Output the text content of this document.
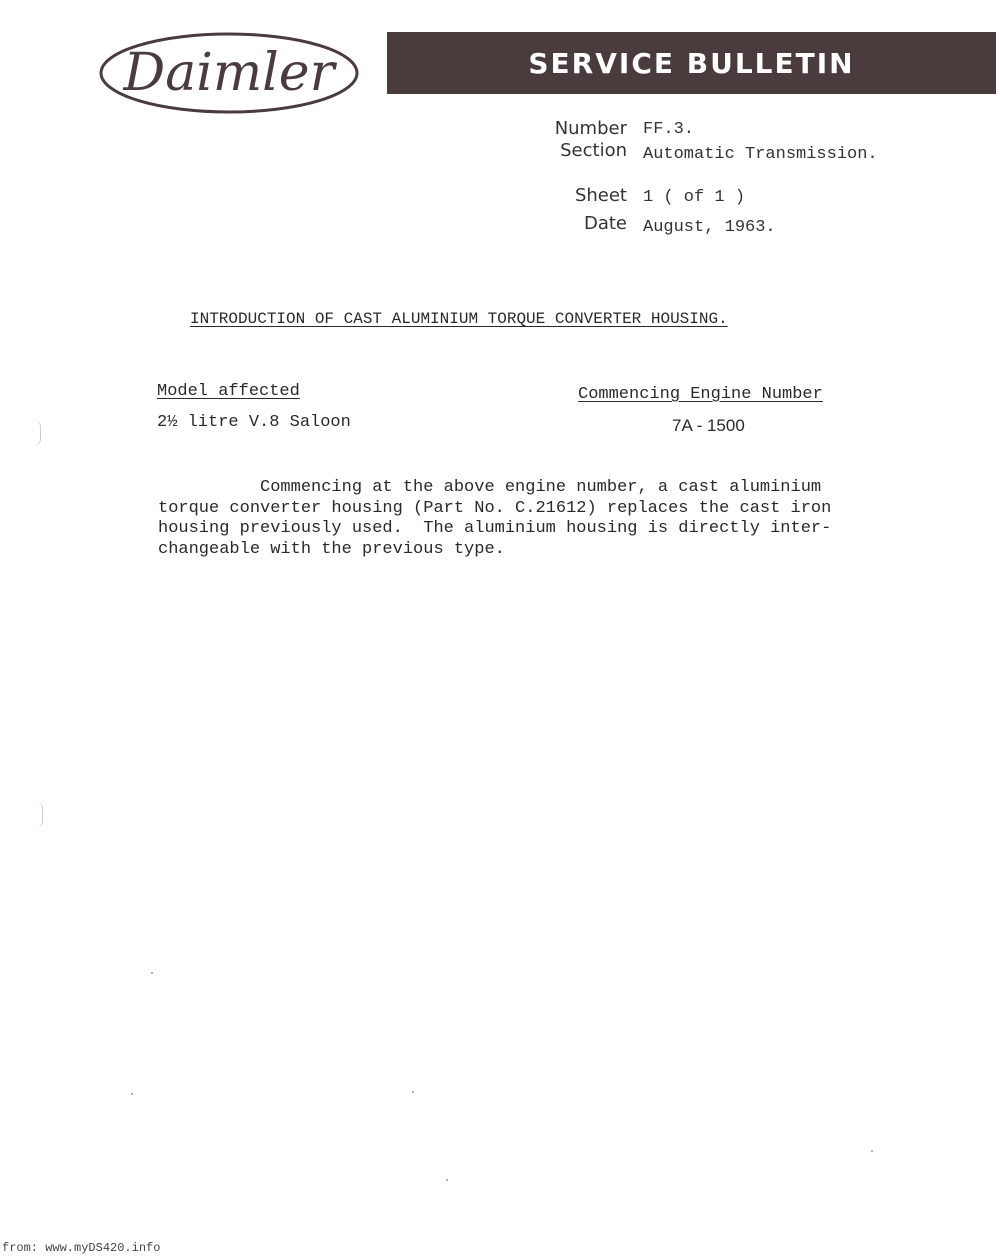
Daimler	SERVICE BULLETIN
Number FF.3.
Section Automatic Transmission.
Sheet 1 ( of 1 )
Date August, 1963.
INTRODUCTION OF CAST ALUMINIUM TORQUE CONVERTER HOUSING.
Model affected
2½ litre V.8 Saloon
Commencing Engine Number
7A - 1500
Commencing at the above engine number, a cast aluminium
torque converter housing (Part No. C.21612) replaces the cast iron
housing previously used.  The aluminium housing is directly inter-
changeable with the previous type.
from: www.myDS420.info
